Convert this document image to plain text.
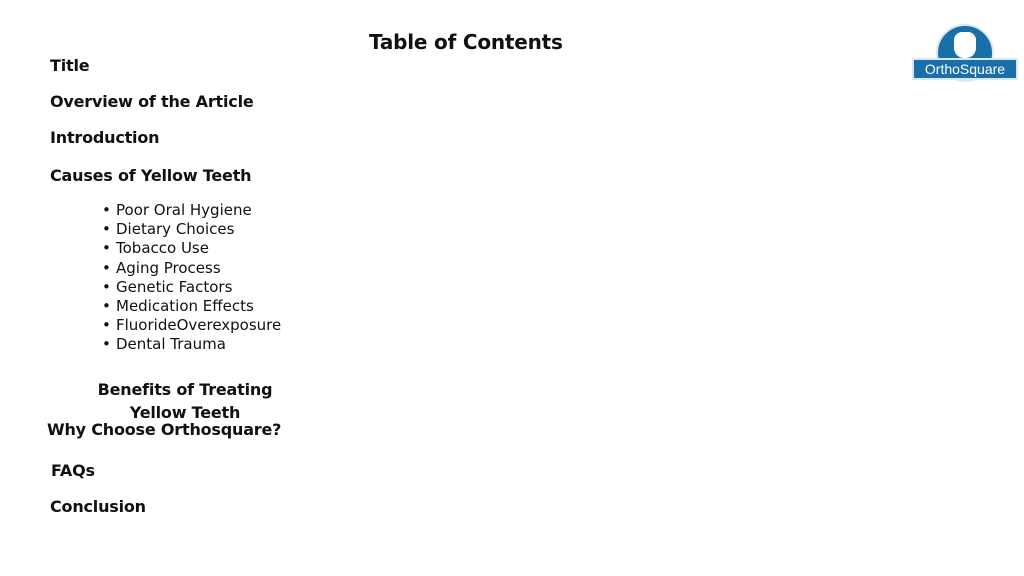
Table of Contents
Title
Overview of the Article
Introduction
Causes of Yellow Teeth
• Poor Oral Hygiene
• Dietary Choices
• Tobacco Use
• Aging Process
• Genetic Factors
• Medication Effects
• FluorideOverexposure
• Dental Trauma
Benefits of Treating Yellow Teeth
Why Choose Orthosquare?
FAQs
Conclusion
OrthoSquare
